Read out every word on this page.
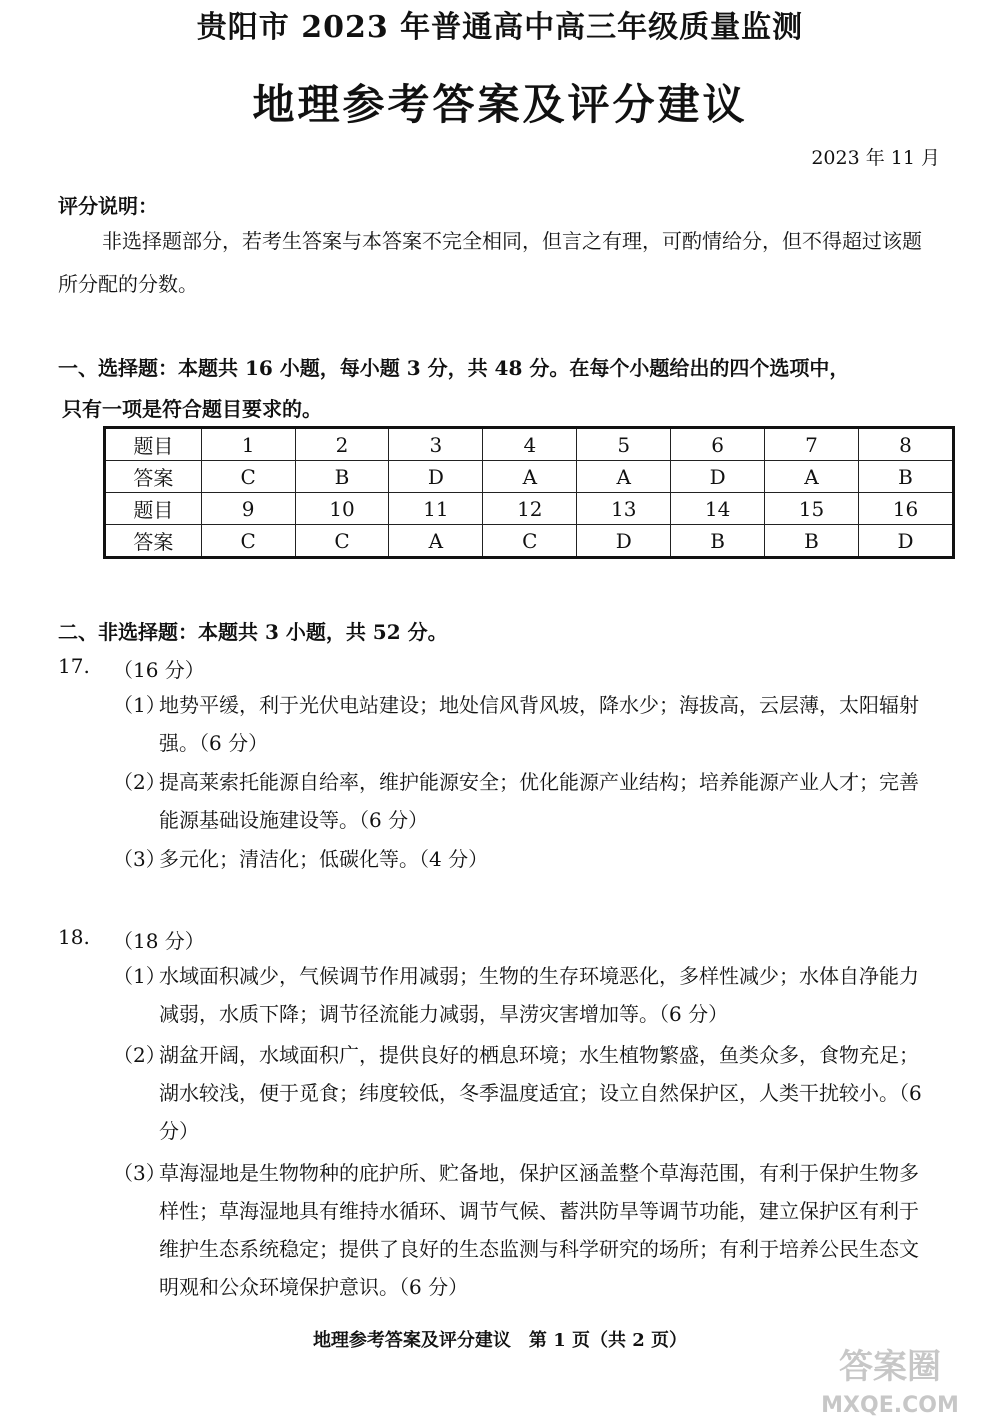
贵阳市 2023 年普通高中高三年级质量监测
地理参考答案及评分建议
2023 年 11 月
评分说明：
非选择题部分，若考生答案与本答案不完全相同，但言之有理，可酌情给分，但不得超过该题所分配的分数。
一、选择题：本题共 16 小题，每小题 3 分，共 48 分。在每个小题给出的四个选项中，
只有一项是符合题目要求的。
题目	1	2	3	4	5	6	7	8
答案	C	B	D	A	A	D	A	B
题目	9	10	11	12	13	14	15	16
答案	C	C	A	C	D	B	B	D
二、非选择题：本题共 3 小题，共 52 分。
17. （16 分）
（1）
地势平缓，利于光伏电站建设；地处信风背风坡，降水少；海拔高，云层薄，太阳辐射强。（6 分）
（2）
提高莱索托能源自给率，维护能源安全；优化能源产业结构；培养能源产业人才；完善能源基础设施建设等。（6 分）
（3）
多元化；清洁化；低碳化等。（4 分）
18. （18 分）
（1）
水域面积减少，气候调节作用减弱；生物的生存环境恶化，多样性减少；水体自净能力减弱，水质下降；调节径流能力减弱，旱涝灾害增加等。（6 分）
（2）
湖盆开阔，水域面积广，提供良好的栖息环境；水生植物繁盛，鱼类众多，食物充足；湖水较浅，便于觅食；纬度较低，冬季温度适宜；设立自然保护区，人类干扰较小。（6 分）
（3）
草海湿地是生物物种的庇护所、贮备地，保护区涵盖整个草海范围，有利于保护生物多样性；草海湿地具有维持水循环、调节气候、蓄洪防旱等调节功能，建立保护区有利于维护生态系统稳定；提供了良好的生态监测与科学研究的场所；有利于培养公民生态文明观和公众环境保护意识。（6 分）
地理参考答案及评分建议　第 1 页（共 2 页）
答案圈
MXQE.COM
